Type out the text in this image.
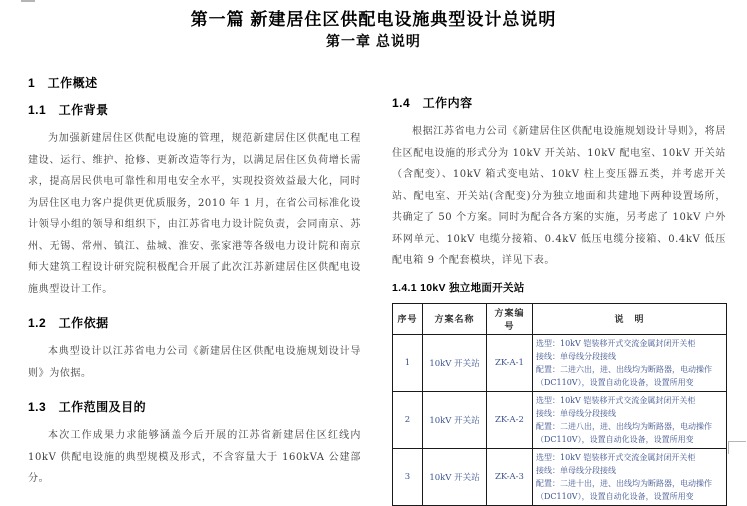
第一篇 新建居住区供配电设施典型设计总说明
第一章 总说明
1　工作概述
1.1　工作背景

为加强新建居住区供配电设施的管理，规范新建居住区供配电工程建设、运行、维护、抢修、更新改造等行为，以满足居住区负荷增长需求，提高居民供电可靠性和用电安全水平，实现投资效益最大化，同时为居住区电力客户提供更优质服务，2010 年 1 月，在省公司标准化设计领导小组的领导和组织下，由江苏省电力设计院负责，会同南京、苏州、无锡、常州、镇江、盐城、淮安、张家港等各级电力设计院和南京师大建筑工程设计研究院积极配合开展了此次江苏新建居住区供配电设施典型设计工作。

1.2　工作依据

本典型设计以江苏省电力公司《新建居住区供配电设施规划设计导则》为依据。

1.3　工作范围及目的

本次工作成果力求能够涵盖今后开展的江苏省新建居住区红线内 10kV 供配电设施的典型规模及形式，不含容量大于 160kVA 公建部分。

1.4　工作内容

根据江苏省电力公司《新建居住区供配电设施规划设计导则》，将居住区配电设施的形式分为 10kV 开关站、10kV 配电室、10kV 开关站（含配变）、10kV 箱式变电站、10kV 柱上变压器五类，并考虑开关站、配电室、开关站(含配变)分为独立地面和共建地下两种设置场所，共确定了 50 个方案。同时为配合各方案的实施，另考虑了 10kV 户外环网单元、10kV 电缆分接箱、0.4kV 低压电缆分接箱、0.4kV 低压配电箱 9 个配套模块，详见下表。

1.4.1 10kV 独立地面开关站
序号	方案名称	方案编号	说　明
1	10kV 开关站	ZK-A-1	选型：10kV 铠装移开式交流金属封闭开关柜
接线：单母线分段接线
配置：二进六出，进、出线均为断路器，电动操作（DC110V），设置自动化设备，设置所用变

2	10kV 开关站	ZK-A-2	选型：10kV 铠装移开式交流金属封闭开关柜
接线：单母线分段接线
配置：二进八出，进、出线均为断路器，电动操作（DC110V），设置自动化设备，设置所用变

3	10kV 开关站	ZK-A-3	选型：10kV 铠装移开式交流金属封闭开关柜
接线：单母线分段接线
配置：二进十出，进、出线均为断路器，电动操作（DC110V），设置自动化设备，设置所用变
